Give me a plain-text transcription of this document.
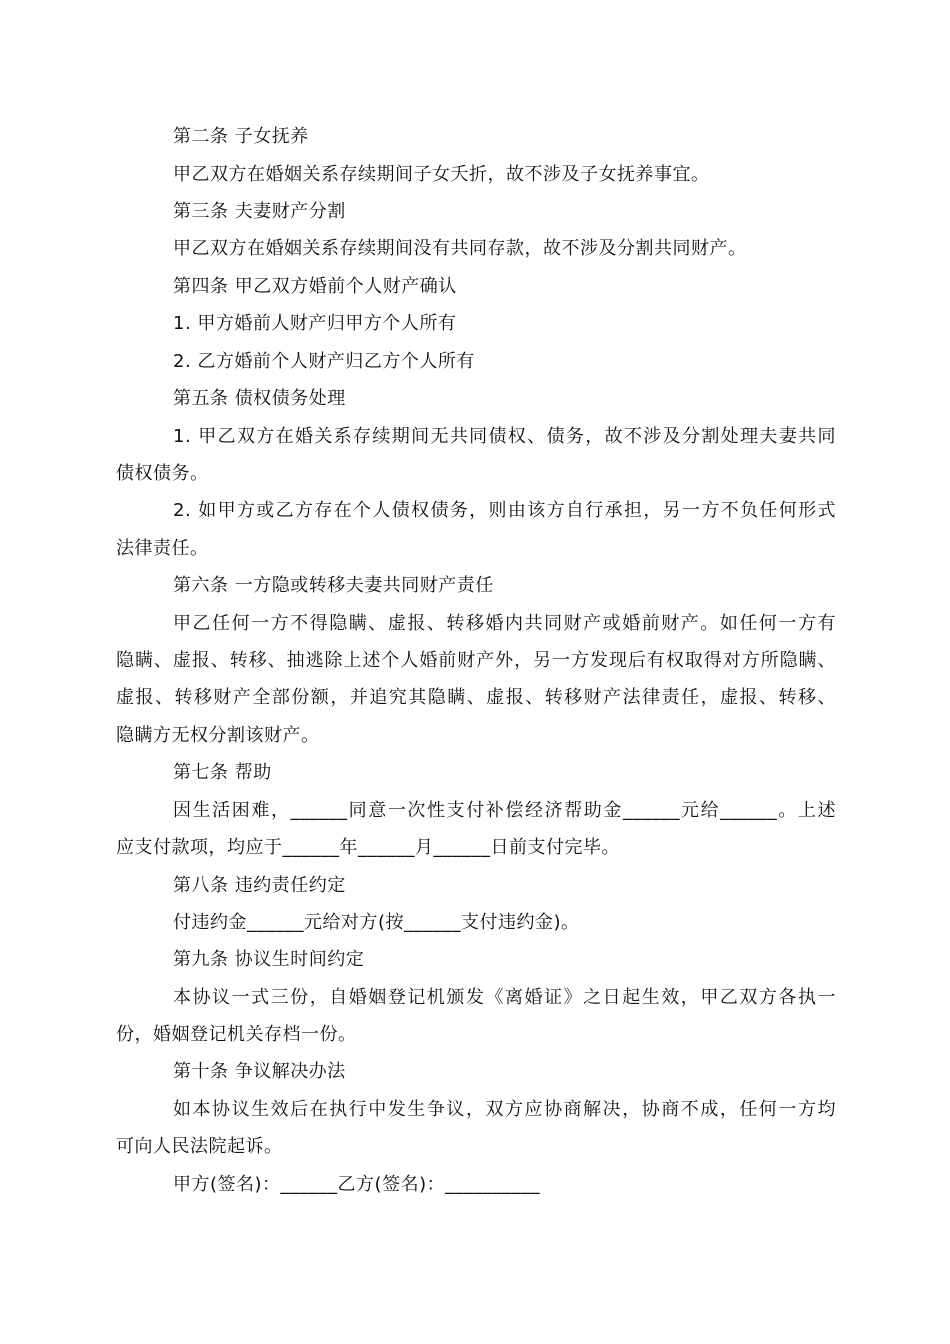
第二条 子女抚养
甲乙双方在婚姻关系存续期间子女夭折，故不涉及子女抚养事宜。
第三条 夫妻财产分割
甲乙双方在婚姻关系存续期间没有共同存款，故不涉及分割共同财产。
第四条 甲乙双方婚前个人财产确认
1. 甲方婚前人财产归甲方个人所有
2. 乙方婚前个人财产归乙方个人所有
第五条 债权债务处理
1. 甲乙双方在婚关系存续期间无共同债权、债务，故不涉及分割处理夫妻共同
债权债务。
2. 如甲方或乙方存在个人债权债务，则由该方自行承担，另一方不负任何形式
法律责任。
第六条 一方隐或转移夫妻共同财产责任
甲乙任何一方不得隐瞒、虚报、转移婚内共同财产或婚前财产。如任何一方有
隐瞒、虚报、转移、抽逃除上述个人婚前财产外，另一方发现后有权取得对方所隐瞒、
虚报、转移财产全部份额，并追究其隐瞒、虚报、转移财产法律责任，虚报、转移、
隐瞒方无权分割该财产。
第七条 帮助
因生活困难，______同意一次性支付补偿经济帮助金______元给______。上述
应支付款项，均应于______年______月______日前支付完毕。
第八条 违约责任约定
付违约金______元给对方(按______支付违约金)。
第九条 协议生时间约定
本协议一式三份，自婚姻登记机颁发《离婚证》之日起生效，甲乙双方各执一
份，婚姻登记机关存档一份。
第十条 争议解决办法
如本协议生效后在执行中发生争议，双方应协商解决，协商不成，任何一方均
可向人民法院起诉。
甲方(签名)：______乙方(签名)：__________
